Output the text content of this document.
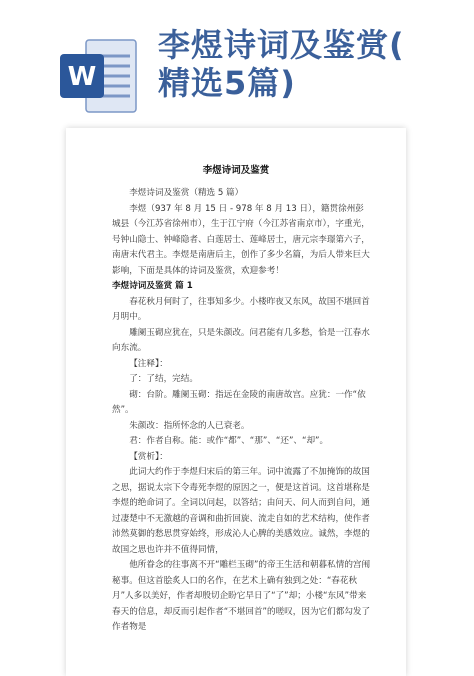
W
李煜诗词及鉴赏(
精选5篇)
李煜诗词及鉴赏

李煜诗词及鉴赏（精选 5 篇）

李煜（937 年 8 月 15 日 - 978 年 8 月 13 日），籍贯徐州彭城县（今江苏省徐州市），生于江宁府（今江苏省南京市），字重光，号钟山隐士、钟峰隐者、白莲居士、莲峰居士，唐元宗李璟第六子，南唐末代君主。李煜是南唐后主，创作了多少名篇，为后人带来巨大影响，下面是具体的诗词及鉴赏，欢迎参考！

李煜诗词及鉴赏 篇 1

春花秋月何时了，往事知多少。小楼昨夜又东风，故国不堪回首月明中。

雕阑玉砌应犹在，只是朱颜改。问君能有几多愁，恰是一江春水向东流。

【注释】：

了：了结，完结。

砌：台阶。雕阑玉砌：指远在金陵的南唐故宫。应犹：一作“依然”。

朱颜改：指所怀念的人已衰老。

君：作者自称。能：或作“都”、“那”、“还”、“却”。

【赏析】：

此词大约作于李煜归宋后的第三年。词中流露了不加掩饰的故国之思，据说太宗下令毒死李煜的原因之一，便是这首词。这首堪称是李煜的绝命词了。全词以问起，以答结；由问天、问人而到自问，通过凄楚中不无激越的音调和曲折回旋、流走自如的艺术结构，使作者沛然莫御的愁思贯穿始终，形成沁人心脾的美感效应。诚然，李煜的故国之思也许并不值得同情，

他所眷念的往事离不开“雕栏玉砌”的帝王生活和朝暮私情的宫闱秘事。但这首脍炙人口的名作，在艺术上确有独到之处：“春花秋月”人多以美好，作者却殷切企盼它早日了“了”却；小楼“东风”带来春天的信息，却反而引起作者“不堪回首”的嗟叹，因为它们都勾发了作者物是
